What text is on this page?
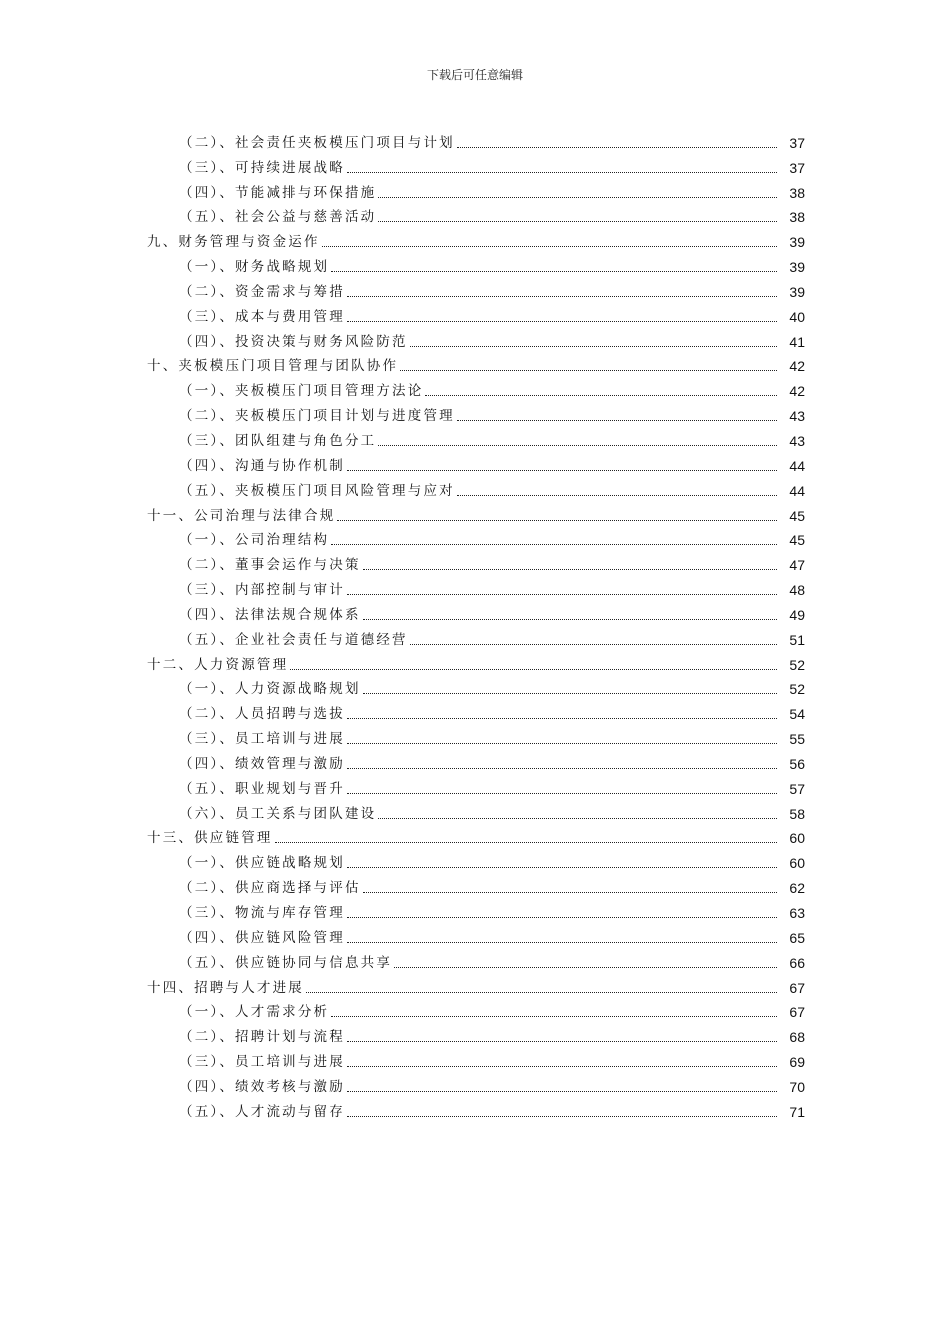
下载后可任意编辑
（二）、社会责任夹板模压门项目与计划	37
（三）、可持续进展战略	37
（四）、节能减排与环保措施	38
（五）、社会公益与慈善活动	38
九、财务管理与资金运作	39
（一）、财务战略规划	39
（二）、资金需求与筹措	39
（三）、成本与费用管理	40
（四）、投资决策与财务风险防范	41
十、夹板模压门项目管理与团队协作	42
（一）、夹板模压门项目管理方法论	42
（二）、夹板模压门项目计划与进度管理	43
（三）、团队组建与角色分工	43
（四）、沟通与协作机制	44
（五）、夹板模压门项目风险管理与应对	44
十一、公司治理与法律合规	45
（一）、公司治理结构	45
（二）、董事会运作与决策	47
（三）、内部控制与审计	48
（四）、法律法规合规体系	49
（五）、企业社会责任与道德经营	51
十二、人力资源管理	52
（一）、人力资源战略规划	52
（二）、人员招聘与选拔	54
（三）、员工培训与进展	55
（四）、绩效管理与激励	56
（五）、职业规划与晋升	57
（六）、员工关系与团队建设	58
十三、供应链管理	60
（一）、供应链战略规划	60
（二）、供应商选择与评估	62
（三）、物流与库存管理	63
（四）、供应链风险管理	65
（五）、供应链协同与信息共享	66
十四、招聘与人才进展	67
（一）、人才需求分析	67
（二）、招聘计划与流程	68
（三）、员工培训与进展	69
（四）、绩效考核与激励	70
（五）、人才流动与留存	71
